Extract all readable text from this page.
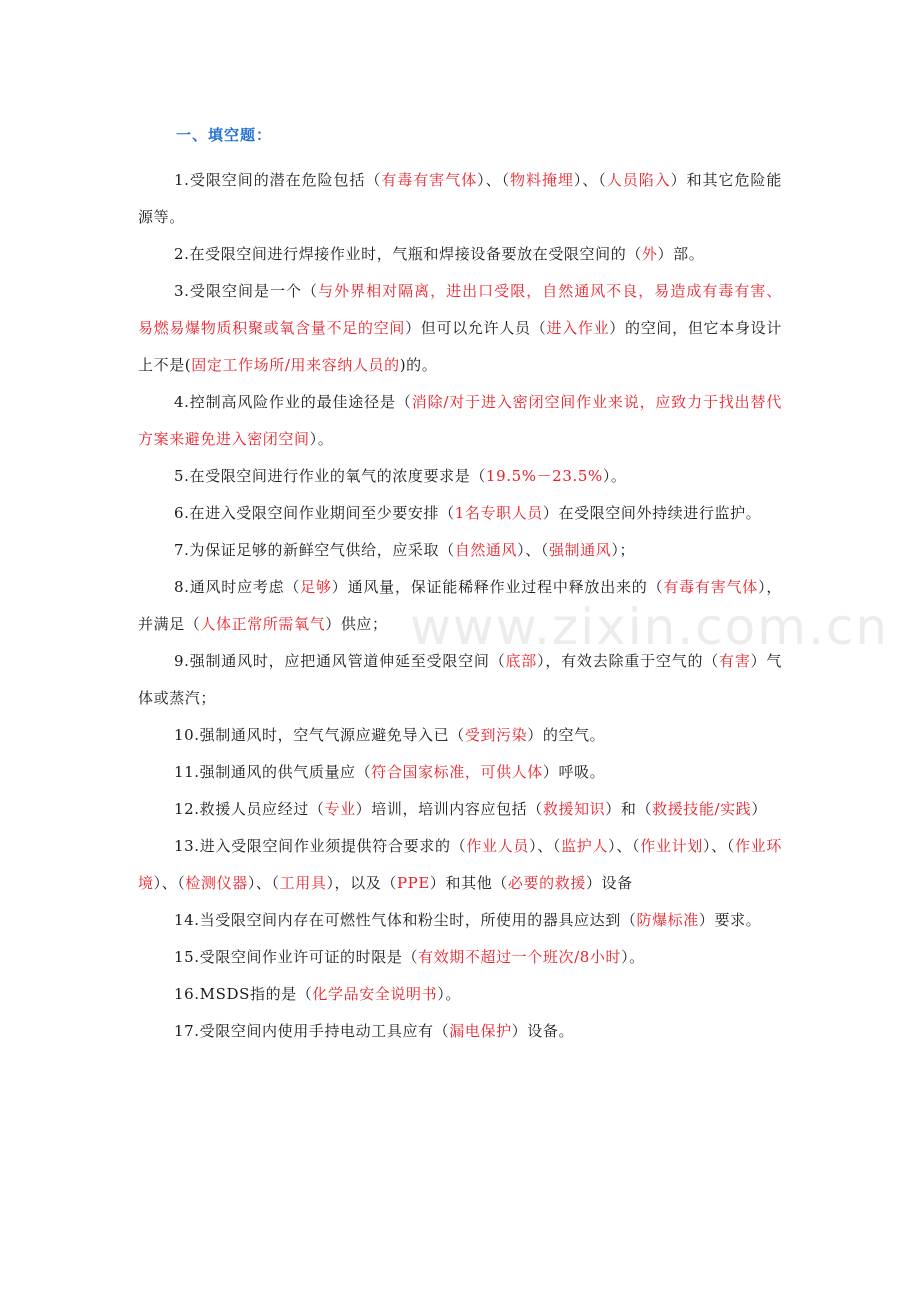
一、填空题：
1.受限空间的潜在危险包括（有毒有害气体）、（物料掩埋）、（人员陷入）和其它危险能源等。
2.在受限空间进行焊接作业时，气瓶和焊接设备要放在受限空间的（外）部。
3.受限空间是一个（与外界相对隔离，进出口受限，自然通风不良，易造成有毒有害、易燃易爆物质积聚或氧含量不足的空间）但可以允许人员（进入作业）的空间，但它本身设计上不是(固定工作场所/用来容纳人员的)的。
4.控制高风险作业的最佳途径是（消除/对于进入密闭空间作业来说，应致力于找出替代方案来避免进入密闭空间）。
5.在受限空间进行作业的氧气的浓度要求是（19.5%－23.5%）。
6.在进入受限空间作业期间至少要安排（1名专职人员）在受限空间外持续进行监护。
7.为保证足够的新鲜空气供给，应采取（自然通风）、（强制通风）；
8.通风时应考虑（足够）通风量，保证能稀释作业过程中释放出来的（有毒有害气体），并满足（人体正常所需氧气）供应；
9.强制通风时，应把通风管道伸延至受限空间（底部），有效去除重于空气的（有害）气体或蒸汽；
10.强制通风时，空气气源应避免导入已（受到污染）的空气。
11.强制通风的供气质量应（符合国家标准，可供人体）呼吸。
12.救援人员应经过（专业）培训，培训内容应包括（救援知识）和（救援技能/实践）
13.进入受限空间作业须提供符合要求的（作业人员）、（监护人）、（作业计划）、（作业环境）、（检测仪器）、（工用具），以及（PPE）和其他（必要的救援）设备
14.当受限空间内存在可燃性气体和粉尘时，所使用的器具应达到（防爆标准）要求。
15.受限空间作业许可证的时限是（有效期不超过一个班次/8小时）。
16.MSDS指的是（化学品安全说明书）。
17.受限空间内使用手持电动工具应有（漏电保护）设备。
www.zixin.com.cn
